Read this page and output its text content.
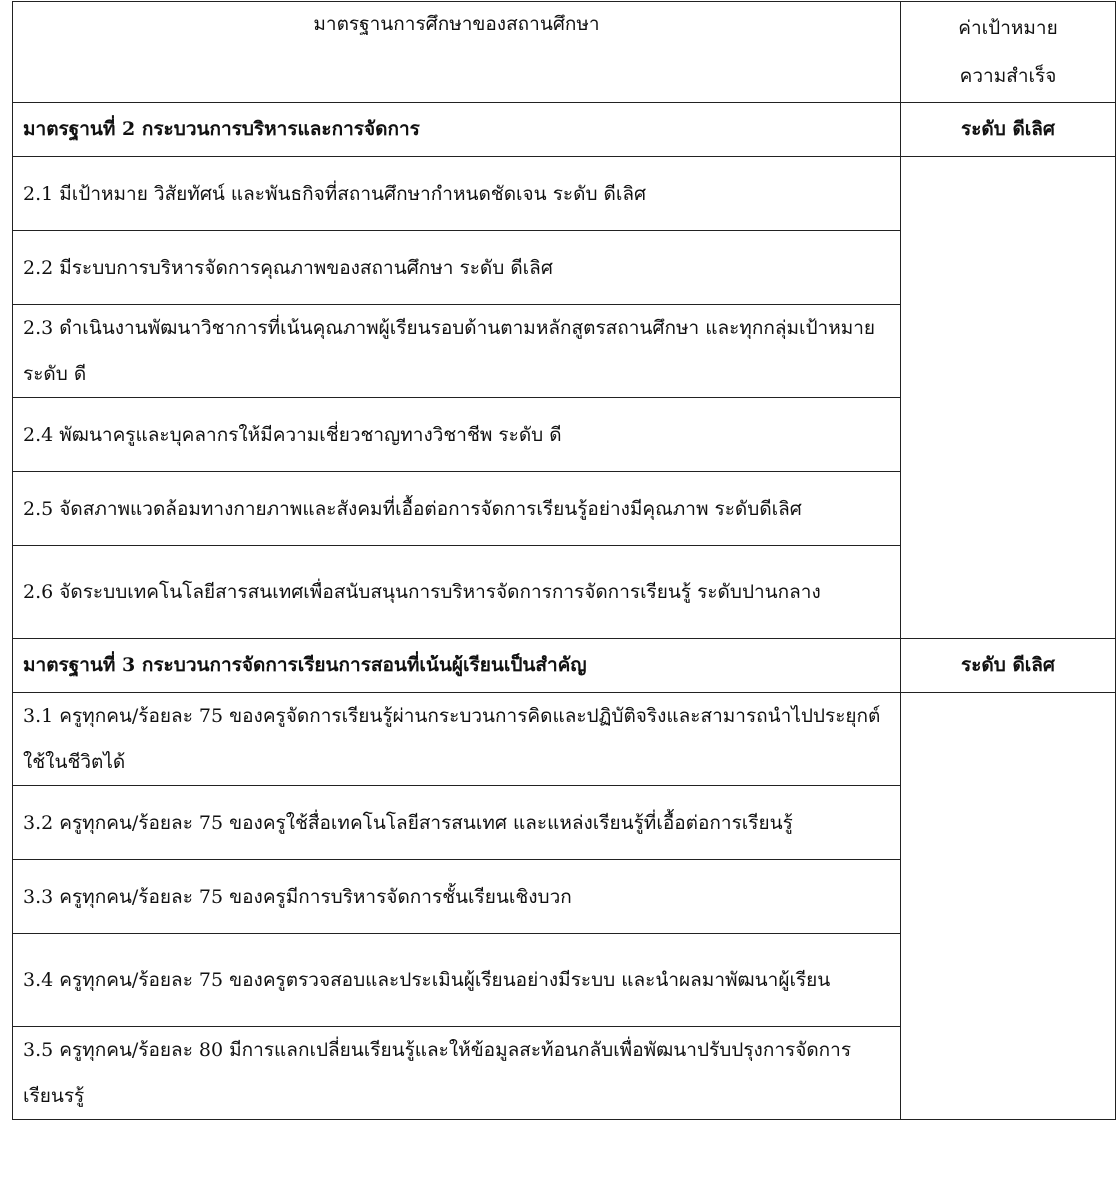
มาตรฐานการศึกษาของสถานศึกษา	ค่าเป้าหมาย
ความสำเร็จ

มาตรฐานที่ 2 กระบวนการบริหารและการจัดการ	ระดับ ดีเลิศ
2.1 มีเป้าหมาย วิสัยทัศน์ และพันธกิจที่สถานศึกษากำหนดชัดเจน ระดับ ดีเลิศ	
2.2 มีระบบการบริหารจัดการคุณภาพของสถานศึกษา ระดับ ดีเลิศ	
2.3 ดำเนินงานพัฒนาวิชาการที่เน้นคุณภาพผู้เรียนรอบด้านตามหลักสูตรสถานศึกษา และทุกกลุ่มเป้าหมาย ระดับ ดี	
2.4 พัฒนาครูและบุคลากรให้มีความเชี่ยวชาญทางวิชาชีพ ระดับ ดี	
2.5 จัดสภาพแวดล้อมทางกายภาพและสังคมที่เอื้อต่อการจัดการเรียนรู้อย่างมีคุณภาพ ระดับดีเลิศ	
2.6 จัดระบบเทคโนโลยีสารสนเทศเพื่อสนับสนุนการบริหารจัดการการจัดการเรียนรู้ ระดับปานกลาง	
มาตรฐานที่ 3 กระบวนการจัดการเรียนการสอนที่เน้นผู้เรียนเป็นสำคัญ	ระดับ ดีเลิศ
3.1 ครูทุกคน/ร้อยละ 75 ของครูจัดการเรียนรู้ผ่านกระบวนการคิดและปฏิบัติจริงและสามารถนำไปประยุกต์ใช้ในชีวิตได้	
3.2 ครูทุกคน/ร้อยละ 75 ของครูใช้สื่อเทคโนโลยีสารสนเทศ และแหล่งเรียนรู้ที่เอื้อต่อการเรียนรู้	
3.3 ครูทุกคน/ร้อยละ 75 ของครูมีการบริหารจัดการชั้นเรียนเชิงบวก	
3.4 ครูทุกคน/ร้อยละ 75 ของครูตรวจสอบและประเมินผู้เรียนอย่างมีระบบ และนำผลมาพัฒนาผู้เรียน	
3.5 ครูทุกคน/ร้อยละ 80 มีการแลกเปลี่ยนเรียนรู้และให้ข้อมูลสะท้อนกลับเพื่อพัฒนาปรับปรุงการจัดการเรียนรรู้	
